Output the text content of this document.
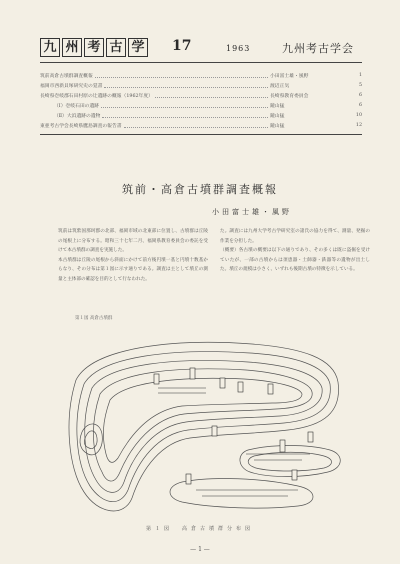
九 州 考 古 学 17	1963	九州考古学会
筑前高倉古墳群調査概報	小田富士雄・風野	1
福岡市西新貝塚研究史の覚書	渡辺正気	5
長崎県壱岐郡石田村原の辻遺跡の概報（1962年度）	長崎県教育委員会	6
（Ⅰ）壱岐石田の遺跡	鏡山猛	6
（Ⅱ）大浜遺跡の遺物	鏡山猛	10
東亜考古学会長崎県鷹島調査の報告書	鏡山猛	12
筑前・高倉古墳群調査概報
小田富士雄・風野

筑前は筑紫国那珂郡の北部、福岡市域の北東部に位置し、古墳群は丘陵の尾根上に分布する。昭和三十七年二月、福岡県教育委員会の委託を受けて本古墳群の調査を実施した。

本古墳群は丘陵の尾根から斜面にかけて前方後円墳一基と円墳十数基からなり、その分布は第１図に示す通りである。調査は主として墳丘の測量と主体部の確認を目的として行なわれた。

た。調査には九州大学考古学研究室の諸氏の協力を得て、測量、発掘の作業を分担した。

（概要）各古墳の概要は以下の通りであり、その多くは既に盗掘を受けていたが、一部の古墳からは須恵器・土師器・鉄器等の遺物が出土した。墳丘の規模は小さく、いずれも後期古墳の特徴を示している。

第１図 高倉古墳群
第１図　高倉古墳群分布図
— 1 —
